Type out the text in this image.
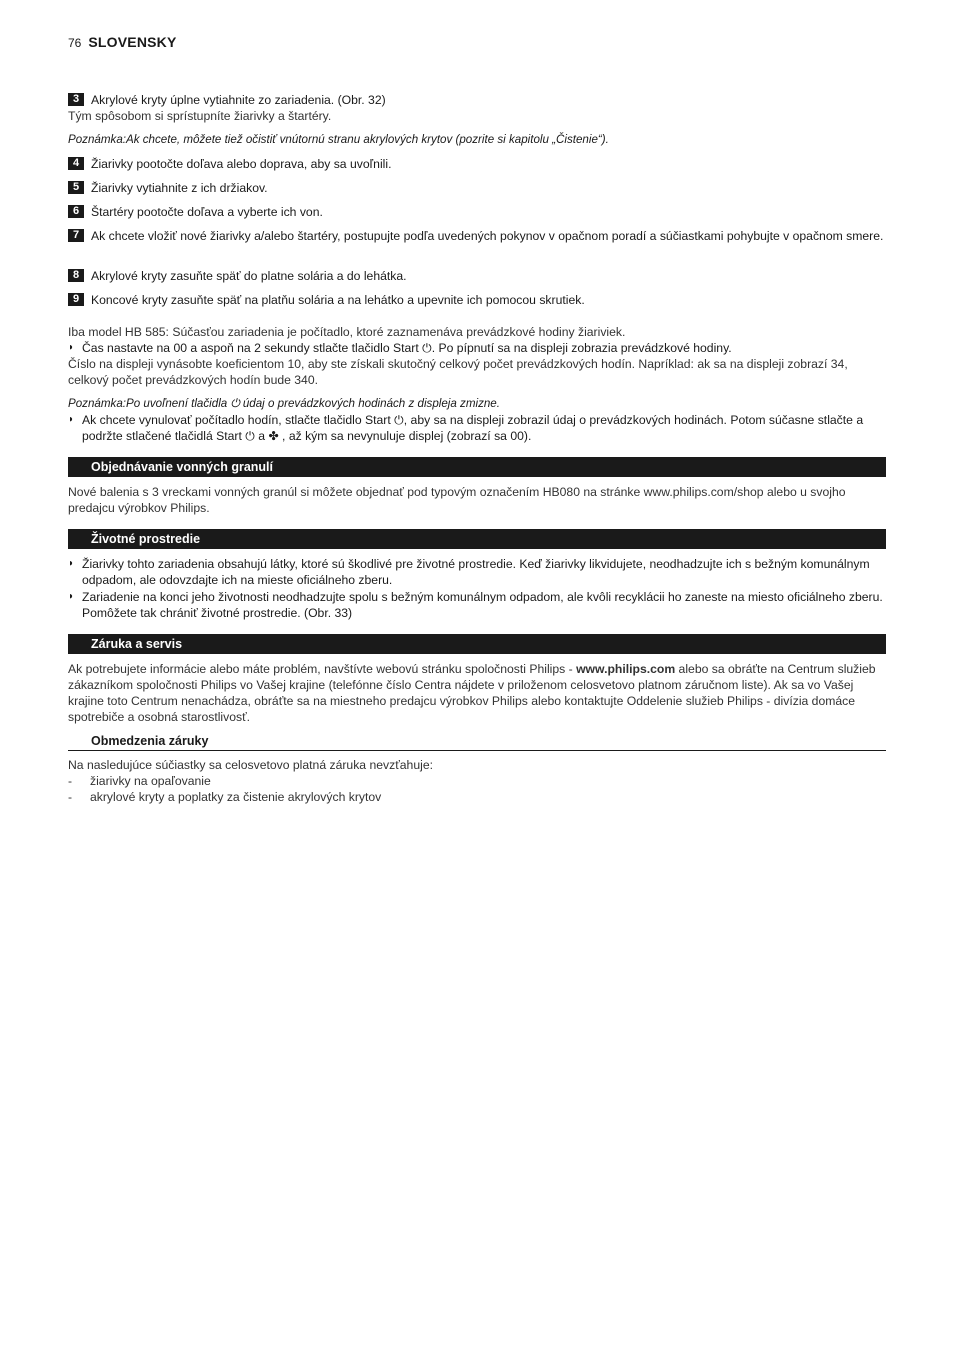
76 SLOVENSKY
3 Akrylové kryty úplne vytiahnite zo zariadenia. (Obr. 32)
Tým spôsobom si sprístupníte žiarivky a štartéry.
Poznámka:Ak chcete, môžete tiež očistiť vnútornú stranu akrylových krytov (pozrite si kapitolu „Čistenie“).
4 Žiarivky pootočte doľava alebo doprava, aby sa uvoľnili.
5 Žiarivky vytiahnite z ich držiakov.
6 Štartéry pootočte doľava a vyberte ich von.
7 Ak chcete vložiť nové žiarivky a/alebo štartéry, postupujte podľa uvedených pokynov v opačnom poradí a súčiastkami pohybujte v opačnom smere.
8 Akrylové kryty zasuňte späť do platne solária a do lehátka.
9 Koncové kryty zasuňte späť na platňu solária a na lehátko a upevnite ich pomocou skrutiek.
Iba model HB 585: Súčasťou zariadenia je počítadlo, ktoré zaznamenáva prevádzkové hodiny žiariviek.
◗ Čas nastavte na 00 a aspoň na 2 sekundy stlačte tlačidlo Start ⏻. Po pípnutí sa na displeji zobrazia prevádzkové hodiny.
Číslo na displeji vynásobte koeficientom 10, aby ste získali skutočný celkový počet prevádzkových hodín. Napríklad: ak sa na displeji zobrazí 34, celkový počet prevádzkových hodín bude 340.
Poznámka:Po uvoľnení tlačidla ⏻ údaj o prevádzkových hodinách z displeja zmizne.
◗ Ak chcete vynulovať počítadlo hodín, stlačte tlačidlo Start ⏻, aby sa na displeji zobrazil údaj o prevádzkových hodinách. Potom súčasne stlačte a podržte stlačené tlačidlá Start ⏻ a ✤ , až kým sa nevynuluje displej (zobrazí sa 00).
Objednávanie vonných granulí
Nové balenia s 3 vreckami vonných granúl si môžete objednať pod typovým označením HB080 na stránke www.philips.com/shop alebo u svojho predajcu výrobkov Philips.
Životné prostredie
◗ Žiarivky tohto zariadenia obsahujú látky, ktoré sú škodlivé pre životné prostredie. Keď žiarivky likvidujete, neodhadzujte ich s bežným komunálnym odpadom, ale odovzdajte ich na mieste oficiálneho zberu.
◗ Zariadenie na konci jeho životnosti neodhadzujte spolu s bežným komunálnym odpadom, ale kvôli recyklácii ho zaneste na miesto oficiálneho zberu. Pomôžete tak chrániť životné prostredie. (Obr. 33)
Záruka a servis
Ak potrebujete informácie alebo máte problém, navštívte webovú stránku spoločnosti Philips - www.philips.com alebo sa obráťte na Centrum služieb zákazníkom spoločnosti Philips vo Vašej krajine (telefónne číslo Centra nájdete v priloženom celosvetovo platnom záručnom liste). Ak sa vo Vašej krajine toto Centrum nenachádza, obráťte sa na miestneho predajcu výrobkov Philips alebo kontaktujte Oddelenie služieb Philips - divízia domáce spotrebiče a osobná starostlivosť.
Obmedzenia záruky
Na nasledujúce súčiastky sa celosvetovo platná záruka nevzťahuje:
- žiarivky na opaľovanie
- akrylové kryty a poplatky za čistenie akrylových krytov
